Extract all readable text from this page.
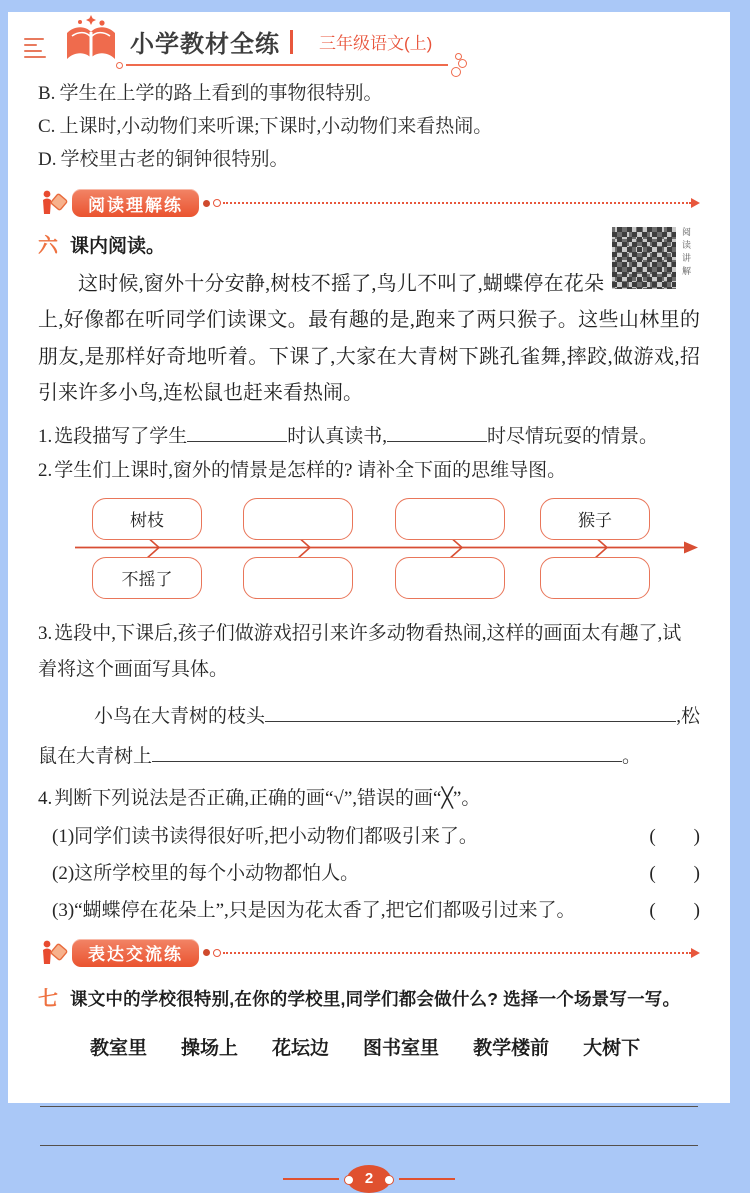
小学教材全练 三年级语文(上)
B. 学生在上学的路上看到的事物很特别。
C. 上课时,小动物们来听课;下课时,小动物们来看热闹。
D. 学校里古老的铜钟很特别。
阅读理解练
阅读讲解
六 课内阅读。

这时候,窗外十分安静,树枝不摇了,鸟儿不叫了,蝴蝶停在花朵上,好像都在听同学们读课文。最有趣的是,跑来了两只猴子。这些山林里的朋友,是那样好奇地听着。下课了,大家在大青树下跳孔雀舞,摔跤,做游戏,招引来许多小鸟,连松鼠也赶来看热闹。

1. 选段描写了学生	时认真读书,	时尽情玩耍的情景。
2. 学生们上课时,窗外的情景是怎样的? 请补全下面的思维导图。
树枝	猴子
不摇了
3. 选段中,下课后,孩子们做游戏招引来许多动物看热闹,这样的画面太有趣了,试着将这个画面写具体。
小鸟在大青树的枝头	,松
鼠在大青树上	。
4. 判断下列说法是否正确,正确的画“√”,错误的画“╳”。
(1)同学们读书读得很好听,把小动物们都吸引来了。	(　　)
(2)这所学校里的每个小动物都怕人。	(　　)
(3)“蝴蝶停在花朵上”,只是因为花太香了,把它们都吸引过来了。	(　　)
表达交流练
七 课文中的学校很特别,在你的学校里,同学们都会做什么? 选择一个场景写一写。
教室里 操场上 花坛边 图书室里 教学楼前 大树下
2
